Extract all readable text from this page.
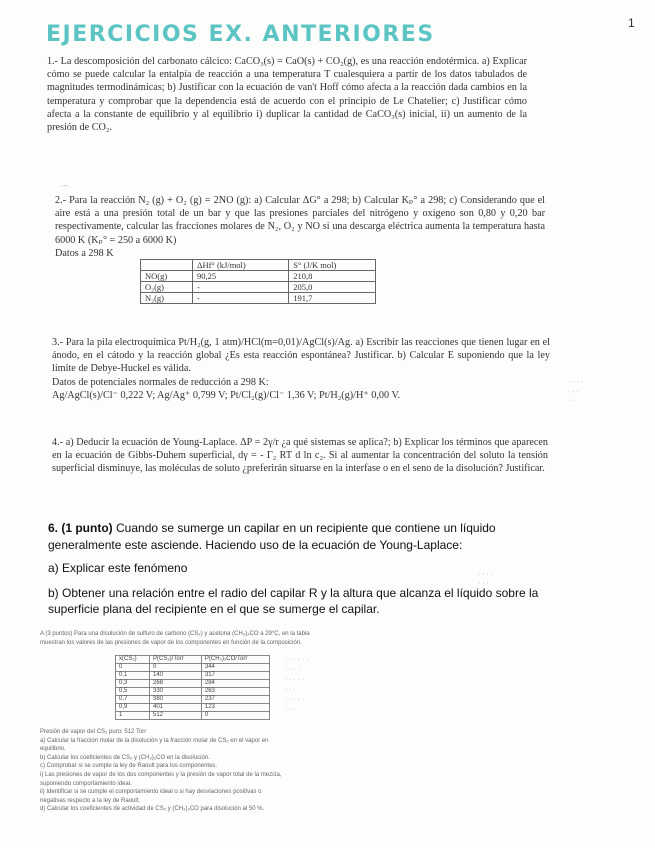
EJERCICIOS EX. ANTERIORES	1

1.- La descomposición del carbonato cálcico: CaCO₃(s) = CaO(s) + CO₂(g), es una reacción endotérmica. a) Explicar cómo se puede calcular la entalpía de reacción a una temperatura T cualesquiera a partir de los datos tabulados de magnitudes termodinámicas; b) Justificar con la ecuación de van't Hoff cómo afecta a la reacción dada cambios en la temperatura y comprobar que la dependencia está de acuerdo con el principio de Le Chatelier; c) Justificar cómo afecta a la constante de equilibrio y al equilibrio i) duplicar la cantidad de CaCO₃(s) inicial, ii) un aumento de la presión de CO₂.

·~·

2.- Para la reacción N₂ (g) + O₂ (g) = 2NO (g): a) Calcular ΔG° a 298; b) Calcular Kₚ° a 298; c) Considerando que el aire está a una presión total de un bar y que las presiones parciales del nitrógeno y oxígeno son 0,80 y 0,20 bar respectivamente, calcular las fracciones molares de N₂, O₂ y NO si una descarga eléctrica aumenta la temperatura hasta 6000 K (Kₚ° = 250 a 6000 K)

Datos a 298 K

	ΔHf° (kJ/mol)	S° (J/K mol)
NO(g)	90,25	210,8
O₂(g)	-	205,0
N₂(g)	-	191,7

3.- Para la pila electroquímica Pt/H₂(g, 1 atm)/HCl(m=0,01)/AgCl(s)/Ag. a) Escribir las reacciones que tienen lugar en el ánodo, en el cátodo y la reacción global ¿Es esta reacción espontánea? Justificar. b) Calcular E suponiendo que la ley límite de Debye-Huckel es válida.

Datos de potenciales normales de reducción a 298 K:

Ag/AgCl(s)/Cl⁻ 0,222 V; Ag/Ag⁺ 0,799 V; Pt/Cl₂(g)/Cl⁻ 1,36 V; Pt/H₂(g)/H⁺ 0,00 V.

· · · ·
· · ·
· ·

4.- a) Deducir la ecuación de Young-Laplace. ΔP = 2γ/r ¿a qué sistemas se aplica?; b) Explicar los términos que aparecen en la ecuación de Gibbs-Duhem superficial, dγ = - Γ₂ RT d ln c₂. Si al aumentar la concentración del soluto la tensión superficial disminuye, las moléculas de soluto ¿preferirán situarse en la interfase o en el seno de la disolución? Justificar.

6. (1 punto) Cuando se sumerge un capilar en un recipiente que contiene un líquido generalmente este asciende. Haciendo uso de la ecuación de Young-Laplace:

a) Explicar este fenómeno

b) Obtener una relación entre el radio del capilar R y la altura que alcanza el líquido sobre la superficie plana del recipiente en el que se sumerge el capilar.

· · · ·
· · ·

A (3 puntos) Para una disolución de sulfuro de carbono (CS₂) y acetona (CH₃)₂CO a 29°C, en la tabla

muestran los valores de las presiones de vapor de los componentes en función de la composición.

x(CS₂)	P(CS₂)/Torr	P(CH₃)₂CO/Torr
0	0	344
0,1	140	317
0,3	268	284
0,5	330	263
0,7	380	237
0,9	401	123
1	512	0
· · · · · ·
· · · ·
· · · · ·
· · ·
· · · · ·
· · ·

Presión de vapor del CS₂ puro: 512 Torr

a) Calcular la fracción molar de la disolución y la fracción molar de CS₂ en el vapor en

equilibrio.

b) Calcular los coeficientes de CS₂ y (CH₃)₂CO en la disolución.

c) Comprobar si se cumple la ley de Raoult para los componentes.

i) Las presiones de vapor de los dos componentes y la presión de vapor total de la mezcla,

suponiendo comportamiento ideal.

ii) Identificar si se cumple el comportamiento ideal o si hay desviaciones positivas o

negativas respecto a la ley de Raoult.

d) Calcular los coeficientes de actividad de CS₂ y (CH₃)₂CO para disolución al 50 %.
